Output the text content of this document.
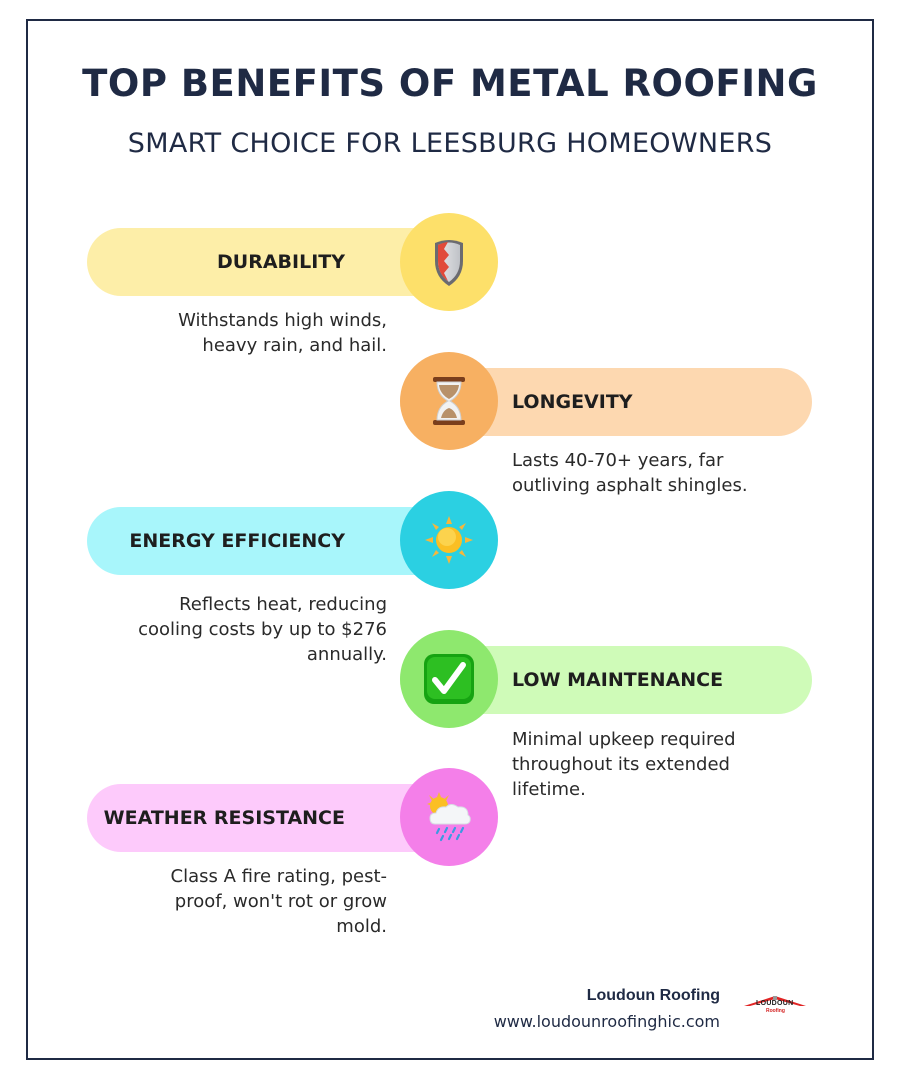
TOP BENEFITS OF METAL ROOFING
SMART CHOICE FOR LEESBURG HOMEOWNERS
DURABILITY
Withstands high winds,
heavy rain, and hail.
LONGEVITY
Lasts 40-70+ years, far
outliving asphalt shingles.
ENERGY EFFICIENCY
Reflects heat, reducing
cooling costs by up to $276
annually.
LOW MAINTENANCE
Minimal upkeep required
throughout its extended
lifetime.
WEATHER RESISTANCE
Class A fire rating, pest-
proof, won't rot or grow
mold.
Loudoun Roofing
www.loudounroofinghic.com
LOUDOUN
Roofing
